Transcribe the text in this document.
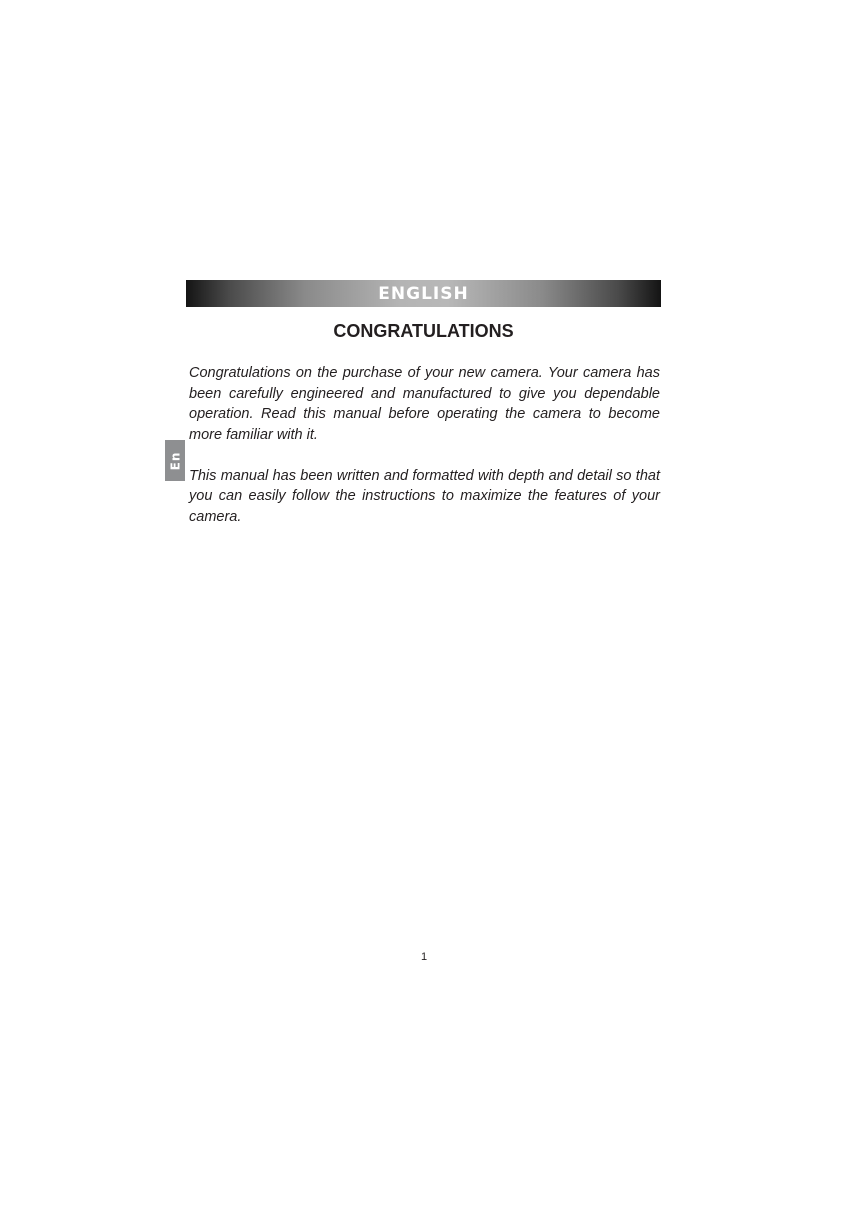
ENGLISH
En
CONGRATULATIONS

Congratulations on the purchase of your new camera. Your camera has been carefully engineered and manufactured to give you dependable operation. Read this manual before operating the camera to become more familiar with it.

This manual has been written and formatted with depth and detail so that you can easily follow the instructions to maximize the features of your camera.

1
